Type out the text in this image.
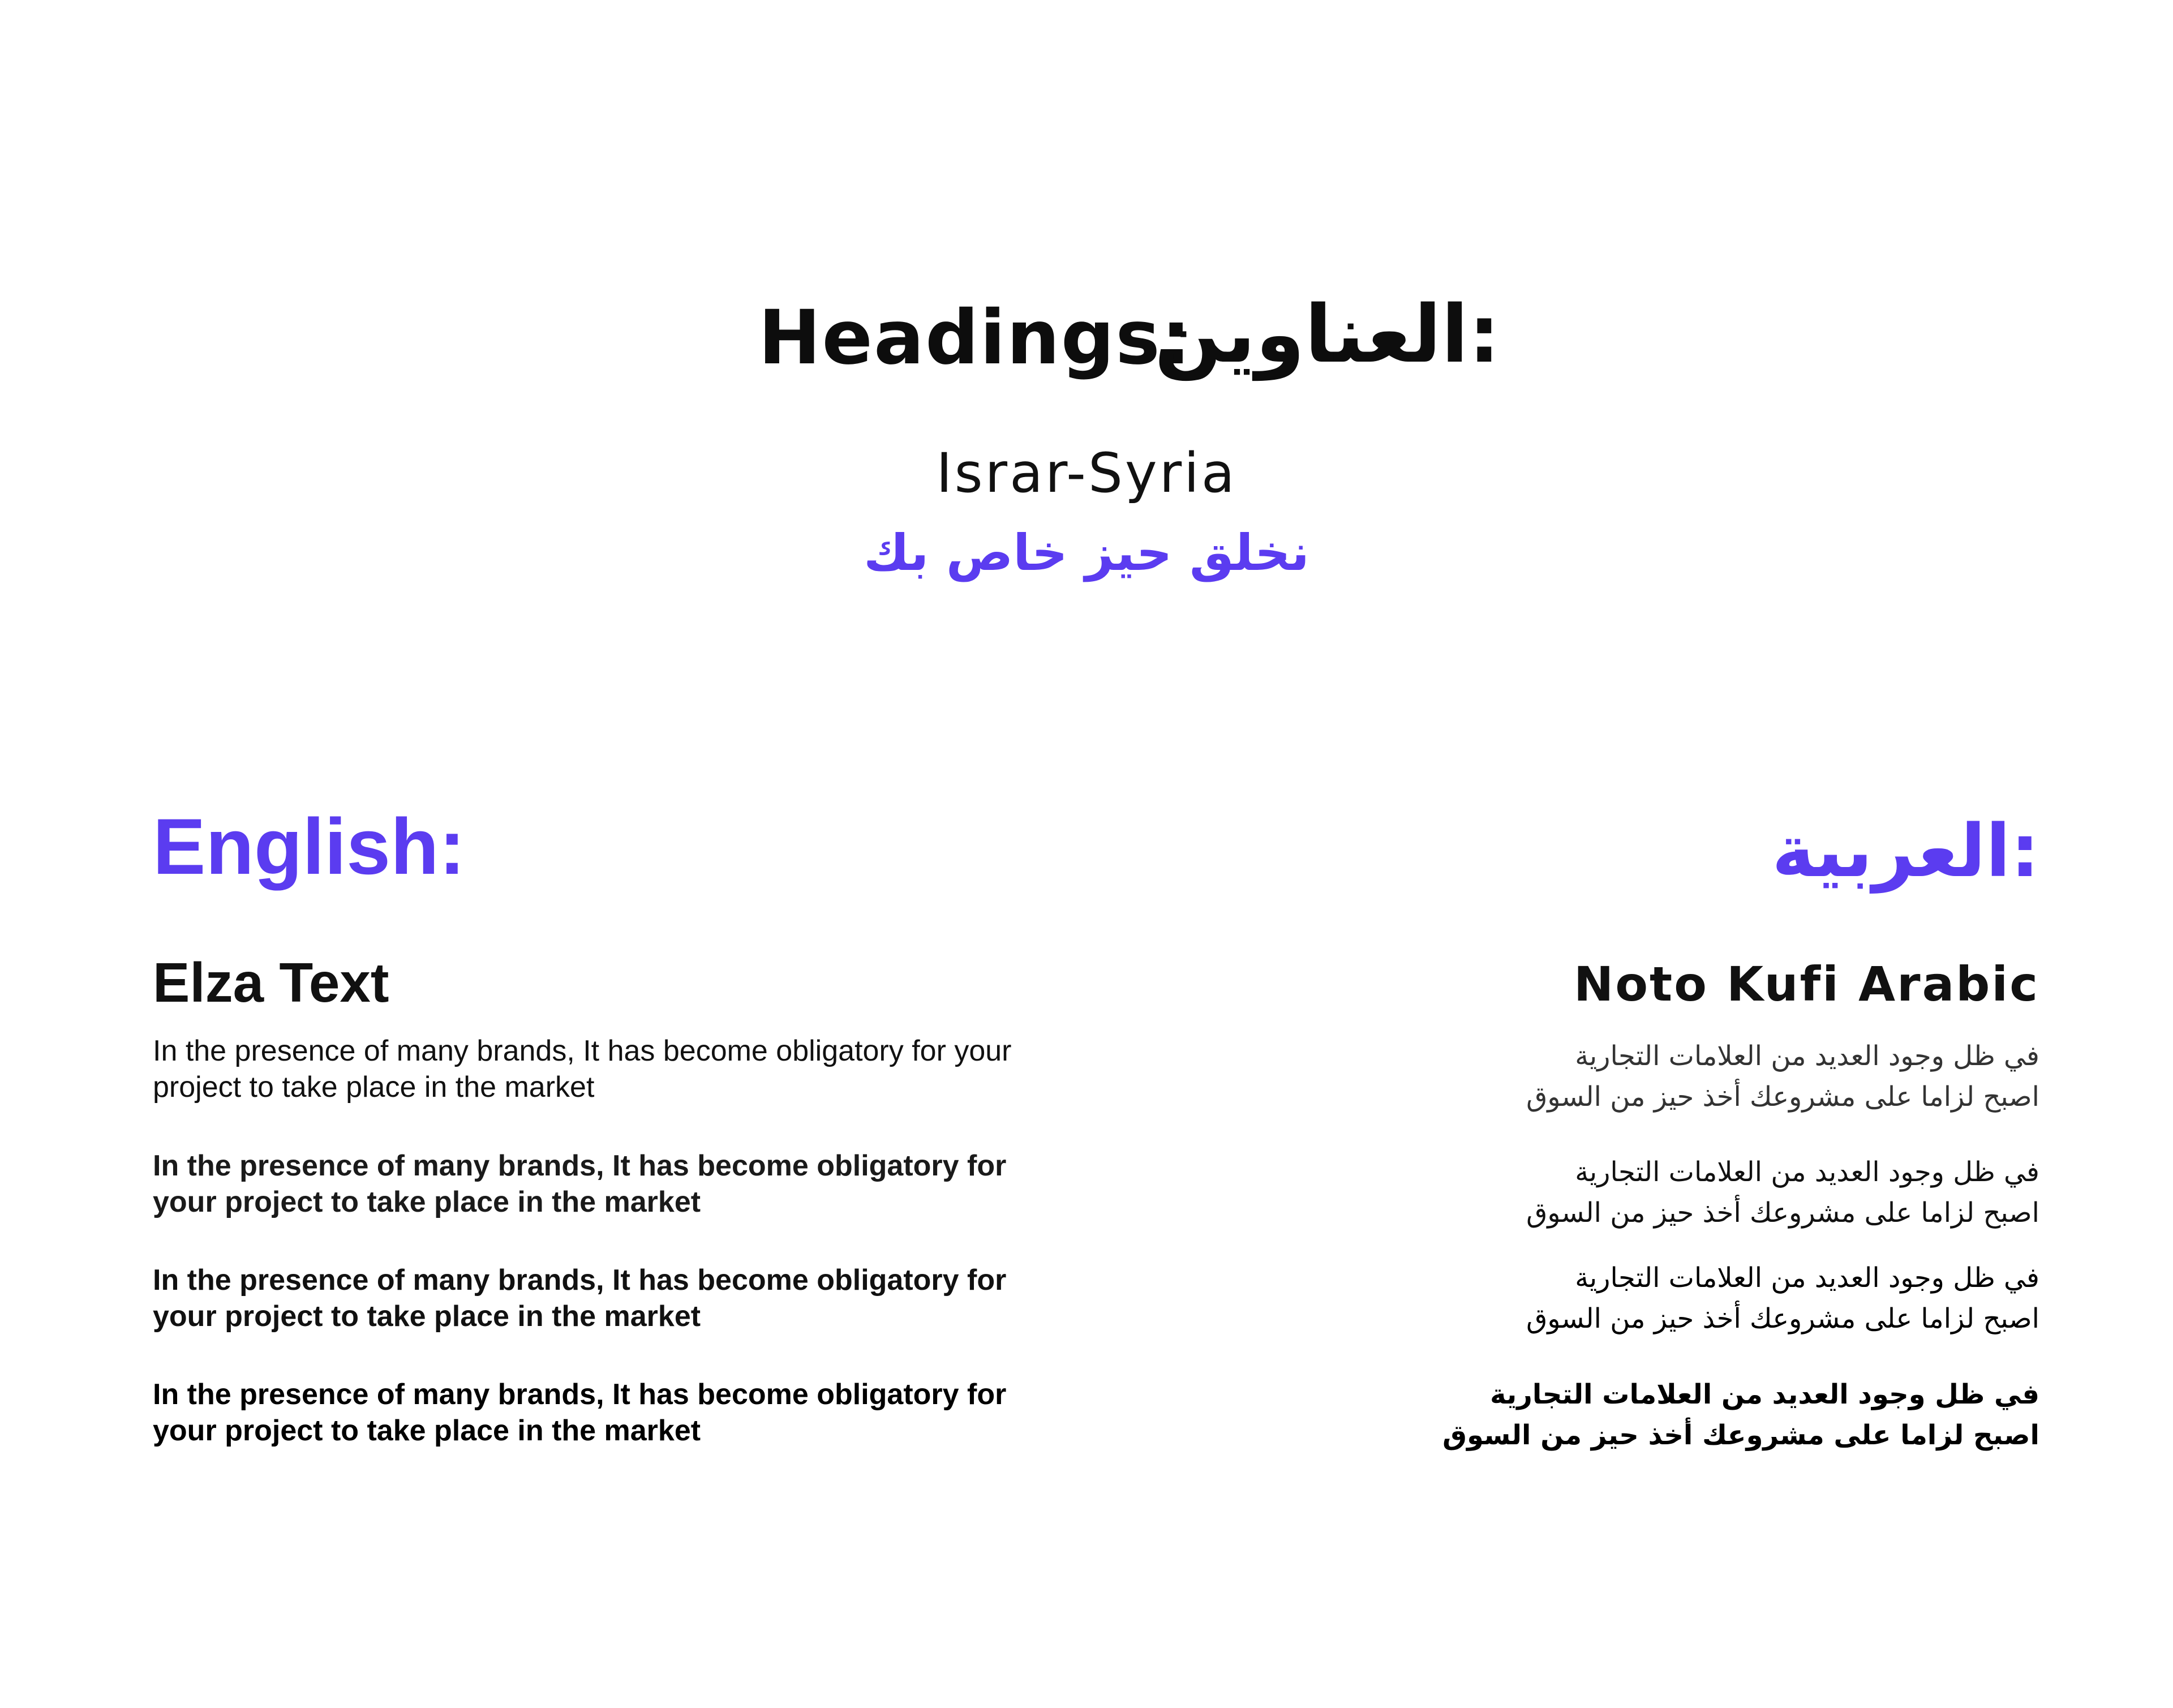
Headings:
:العناوين
Israr-Syria
نخلق حيز خاص بك
English:
Elza Text

In the presence of many brands, It has become obligatory for your project to take place in the market

In the presence of many brands, It has become obligatory for your project to take place in the market

In the presence of many brands, It has become obligatory for your project to take place in the market

In the presence of many brands, It has become obligatory for your project to take place in the market

:العربية
Noto Kufi Arabic
في ظل وجود العديد من العلامات التجارية
اصبح لزاما على مشروعك أخذ حيز من السوق
في ظل وجود العديد من العلامات التجارية
اصبح لزاما على مشروعك أخذ حيز من السوق
في ظل وجود العديد من العلامات التجارية
اصبح لزاما على مشروعك أخذ حيز من السوق
في ظل وجود العديد من العلامات التجارية
اصبح لزاما على مشروعك أخذ حيز من السوق
